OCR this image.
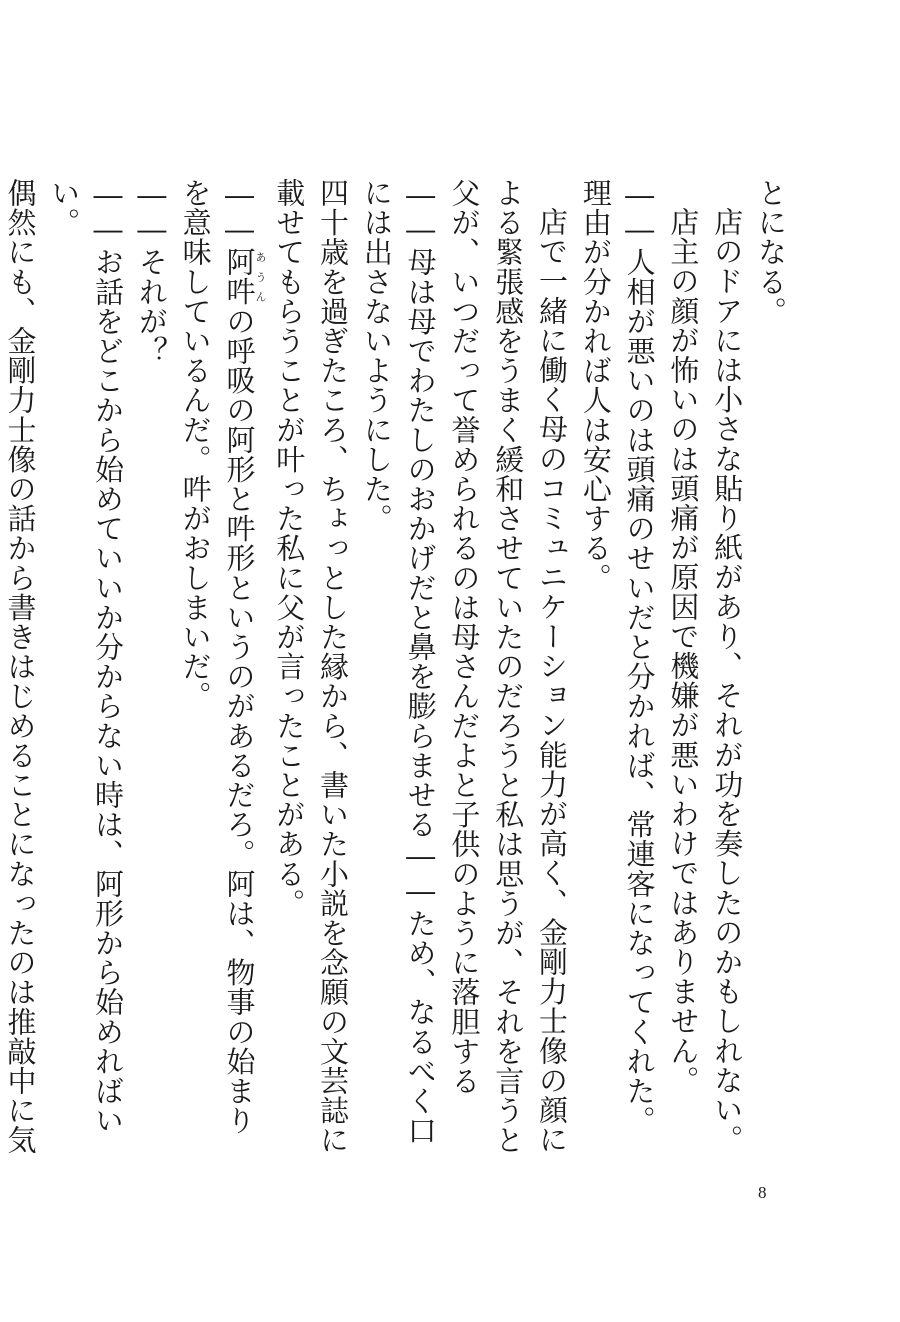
とになる。

店のドアには小さな貼り紙があり、それが功を奏したのかもしれない。

店主の顔が怖いのは頭痛が原因で機嫌が悪いわけではありません。

――人相が悪いのは頭痛のせいだと分かれば、常連客になってくれた。理由が分かれば人は安心する。

店で一緒に働く母のコミュニケーション能力が高く、金剛力士像の顔による緊張感をうまく緩和させていたのだろうと私は思うが、それを言うと父が、いつだって誉められるのは母さんだよと子供のように落胆する――母は母でわたしのおかげだと鼻を膨らませる――ため、なるべく口には出さないようにした。

四十歳を過ぎたころ、ちょっとした縁から、書いた小説を念願の文芸誌に載せてもらうことが叶った私に父が言ったことがある。

――阿吽あうんの呼吸の阿形と吽形というのがあるだろ。阿は、物事の始まりを意味しているんだ。吽がおしまいだ。

――それが？

――お話をどこから始めていいか分からない時は、阿形から始めればいい。

偶然にも、金剛力士像の話から書きはじめることになったのは推敲中に気

8
